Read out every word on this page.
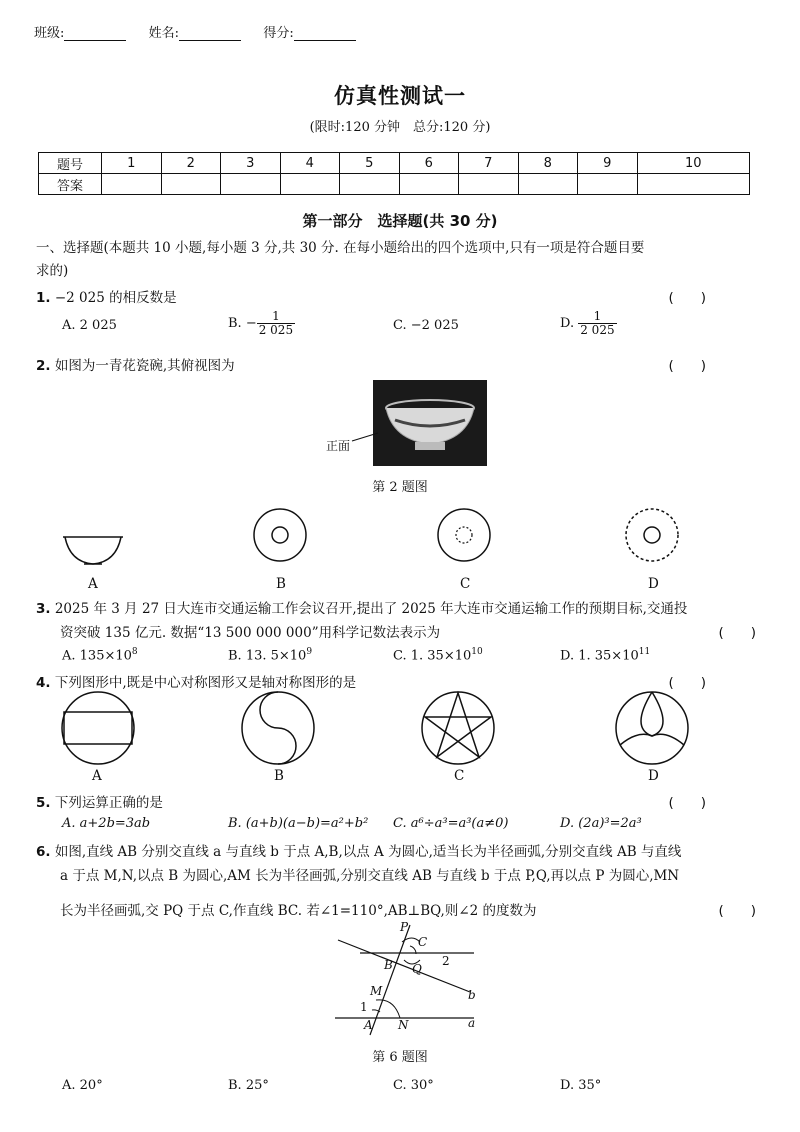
班级:	姓名:	得分:
仿真性测试一
(限时:120 分钟　总分:120 分)
题号	1	2	3	4	5	6	7	8	9	10
答案										
第一部分　选择题(共 30 分)
一、选择题(本题共 10 小题,每小题 3 分,共 30 分. 在每小题给出的四个选项中,只有一项是符合题目要
求的)
1. −2 025 的相反数是	(　　)
A. 2 025	B. − $\frac{1}{2 025}$	C. −2 025	D. $\frac{1}{2 025}$
2. 如图为一青花瓷碗,其俯视图为	(　　)
正面
第 2 题图
A	B	C	D
3. 2025 年 3 月 27 日大连市交通运输工作会议召开,提出了 2025 年大连市交通运输工作的预期目标,交通投
资突破 135 亿元. 数据“13 500 000 000”用科学记数法表示为	(　　)
A. $135\times 10^8$	B. 13. $5\times 10^9$	C. 1. $35\times 10^{10}$	D. 1. $35\times 10^{11}$
4. 下列图形中,既是中心对称图形又是轴对称图形的是	(　　)
A	B	C	D
5. 下列运算正确的是	(　　)
A. a+2b=3ab	B. (a+b)(a−b)=a²+b² C. a⁶÷a³=a³(a≠0)	D. (2a)³=2a³
6. 如图,直线 AB 分别交直线 a 与直线 b 于点 A,B,以点 A 为圆心,适当长为半径画弧,分别交直线 AB 与直线
a 于点 M,N,以点 B 为圆心,AM 长为半径画弧,分别交直线 AB 与直线 b 于点 P,Q,再以点 P 为圆心,MN
长为半径画弧,交 PQ 于点 C,作直线 BC. 若∠1=110°,AB⊥BQ,则∠2 的度数为	(　　)
P
C
B Q
2
b
M
1
A N	a
第 6 题图
A. 20°	B. 25°	C. 30°	D. 35°
